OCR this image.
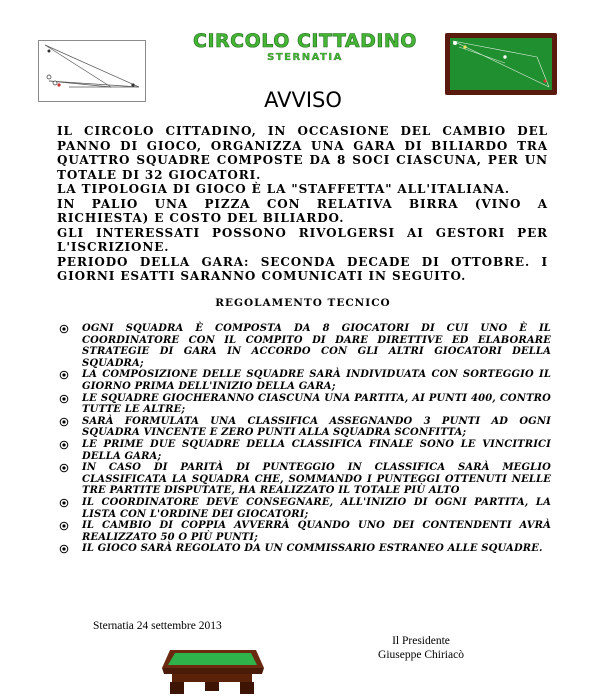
CIRCOLO CITTADINO
STERNATIA
AVVISO

IL CIRCOLO CITTADINO, IN OCCASIONE DEL CAMBIO DEL PANNO DI GIOCO, ORGANIZZA UNA GARA DI BILIARDO TRA QUATTRO SQUADRE COMPOSTE DA 8 SOCI CIASCUNA, PER UN TOTALE DI 32 GIOCATORI.

LA TIPOLOGIA DI GIOCO È LA "STAFFETTA" ALL'ITALIANA.

IN PALIO UNA PIZZA CON RELATIVA BIRRA (VINO A RICHIESTA) E COSTO DEL BILIARDO.

GLI INTERESSATI POSSONO RIVOLGERSI AI GESTORI PER L'ISCRIZIONE.

PERIODO DELLA GARA: SECONDA DECADE DI OTTOBRE. I GIORNI ESATTI SARANNO COMUNICATI IN SEGUITO.

REGOLAMENTO TECNICO
OGNI SQUADRA È COMPOSTA DA 8 GIOCATORI DI CUI UNO È IL COORDINATORE CON IL COMPITO DI DARE DIRETTIVE ED ELABORARE STRATEGIE DI GARA IN ACCORDO CON GLI ALTRI GIOCATORI DELLA SQUADRA;
LA COMPOSIZIONE DELLE SQUADRE SARÀ INDIVIDUATA CON SORTEGGIO IL GIORNO PRIMA DELL'INIZIO DELLA GARA;
LE SQUADRE GIOCHERANNO CIASCUNA UNA PARTITA, AI PUNTI 400, CONTRO TUTTE LE ALTRE;
SARÀ FORMULATA UNA CLASSIFICA ASSEGNANDO 3 PUNTI AD OGNI SQUADRA VINCENTE E ZERO PUNTI ALLA SQUADRA SCONFITTA;
LE PRIME DUE SQUADRE DELLA CLASSIFICA FINALE SONO LE VINCITRICI DELLA GARA;
IN CASO DI PARITÀ DI PUNTEGGIO IN CLASSIFICA SARÀ MEGLIO CLASSIFICATA LA SQUADRA CHE, SOMMANDO I PUNTEGGI OTTENUTI NELLE TRE PARTITE DISPUTATE, HA REALIZZATO IL TOTALE PIÙ ALTO
IL COORDINATORE DEVE CONSEGNARE, ALL'INIZIO DI OGNI PARTITA, LA LISTA CON L'ORDINE DEI GIOCATORI;
IL CAMBIO DI COPPIA AVVERRÀ QUANDO UNO DEI CONTENDENTI AVRÀ REALIZZATO 50 O PIÙ PUNTI;
IL GIOCO SARÀ REGOLATO DA UN COMMISSARIO ESTRANEO ALLE SQUADRE.
Sternatia 24 settembre 2013
Il Presidente
Giuseppe Chiriacò
